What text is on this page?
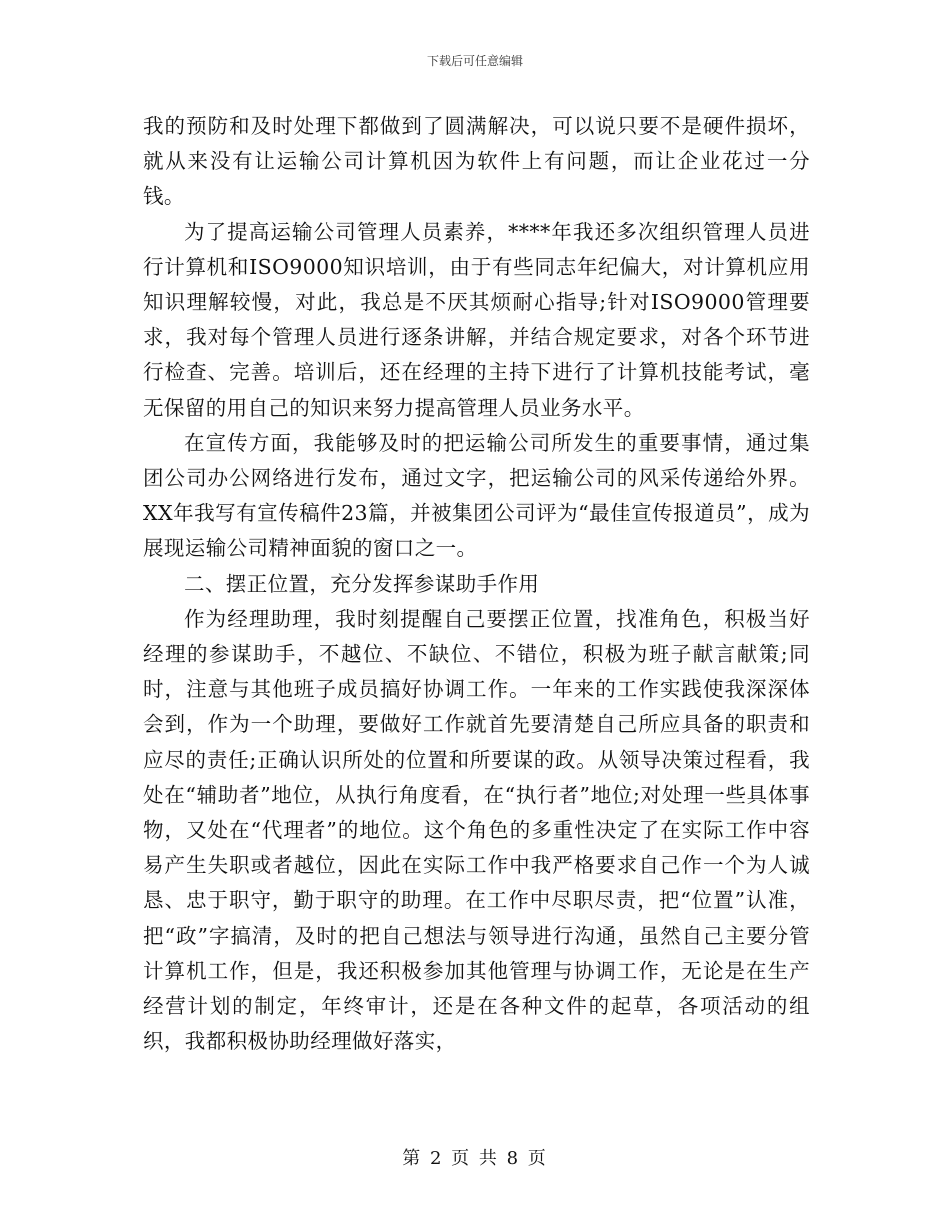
下载后可任意编辑

我的预防和及时处理下都做到了圆满解决，可以说只要不是硬件损坏，就从来没有让运输公司计算机因为软件上有问题，而让企业花过一分钱。

为了提高运输公司管理人员素养，****年我还多次组织管理人员进行计算机和ISO9000知识培训，由于有些同志年纪偏大，对计算机应用知识理解较慢，对此，我总是不厌其烦耐心指导;针对ISO9000管理要求，我对每个管理人员进行逐条讲解，并结合规定要求，对各个环节进行检查、完善。培训后，还在经理的主持下进行了计算机技能考试，毫无保留的用自己的知识来努力提高管理人员业务水平。

在宣传方面，我能够及时的把运输公司所发生的重要事情，通过集团公司办公网络进行发布，通过文字，把运输公司的风采传递给外界。XX年我写有宣传稿件23篇，并被集团公司评为“最佳宣传报道员”，成为展现运输公司精神面貌的窗口之一。

二、摆正位置，充分发挥参谋助手作用

作为经理助理，我时刻提醒自己要摆正位置，找准角色，积极当好经理的参谋助手，不越位、不缺位、不错位，积极为班子献言献策;同时，注意与其他班子成员搞好协调工作。一年来的工作实践使我深深体会到，作为一个助理，要做好工作就首先要清楚自己所应具备的职责和应尽的责任;正确认识所处的位置和所要谋的政。从领导决策过程看，我处在“辅助者”地位，从执行角度看，在“执行者”地位;对处理一些具体事物，又处在“代理者”的地位。这个角色的多重性决定了在实际工作中容易产生失职或者越位，因此在实际工作中我严格要求自己作一个为人诚恳、忠于职守，勤于职守的助理。在工作中尽职尽责，把“位置”认准，把“政”字搞清，及时的把自己想法与领导进行沟通，虽然自己主要分管计算机工作，但是，我还积极参加其他管理与协调工作，无论是在生产经营计划的制定，年终审计，还是在各种文件的起草，各项活动的组织，我都积极协助经理做好落实，

第 2 页 共 8 页
